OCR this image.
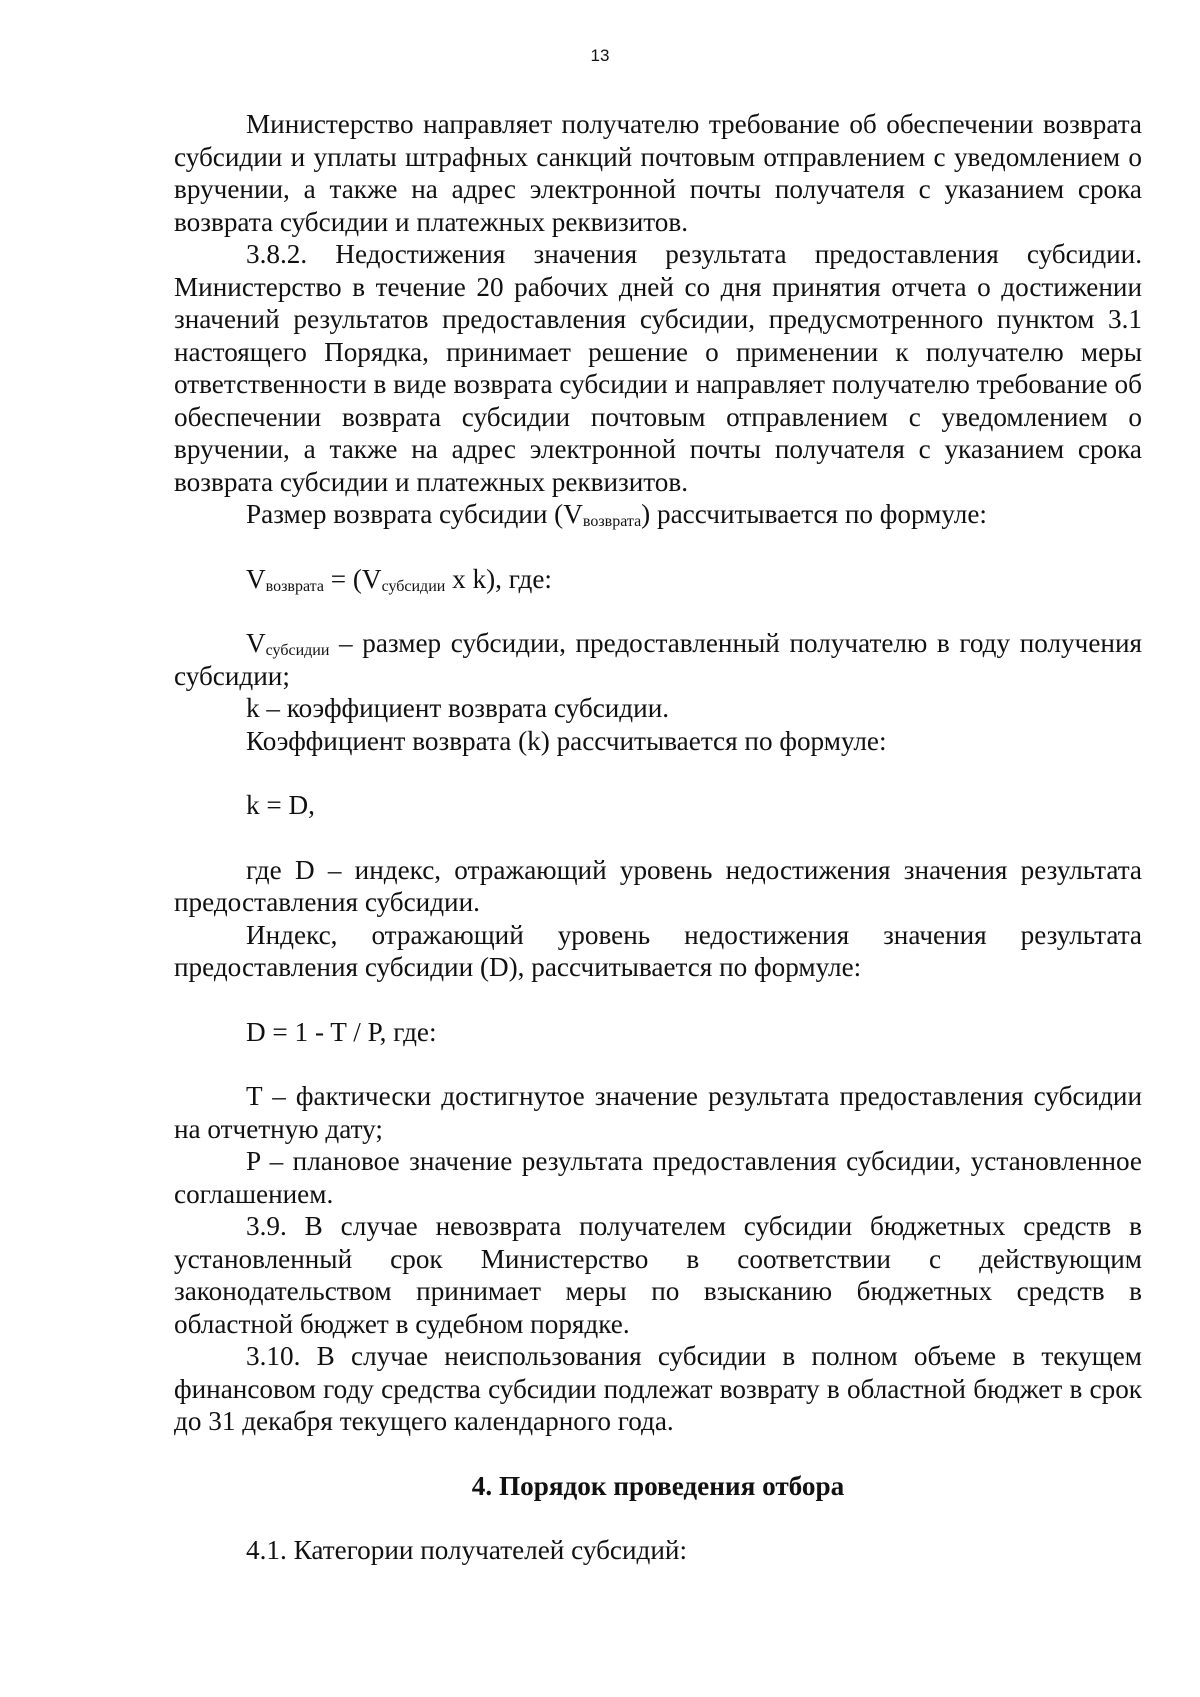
13

Министерство направляет получателю требование об обеспечении возврата субсидии и уплаты штрафных санкций почтовым отправлением с уведомлением о вручении, а также на адрес электронной почты получателя с указанием срока возврата субсидии и платежных реквизитов.

3.8.2. Недостижения значения результата предоставления субсидии. Министерство в течение 20 рабочих дней со дня принятия отчета о достижении значений результатов предоставления субсидии, предусмотренного пунктом 3.1 настоящего Порядка, принимает решение о применении к получателю меры ответственности в виде возврата субсидии и направляет получателю требование об обеспечении возврата субсидии почтовым отправлением с уведомлением о вручении, а также на адрес электронной почты получателя с указанием срока возврата субсидии и платежных реквизитов.

Размер возврата субсидии $(V_{возврата})$ рассчитывается по формуле:

$V_{возврата} = (V_{субсидии}$ x k), где:

$V_{субсидии}$ – размер субсидии, предоставленный получателю в году получения субсидии;

k – коэффициент возврата субсидии.

Коэффициент возврата (k) рассчитывается по формуле:

k = D,

где D – индекс, отражающий уровень недостижения значения результата предоставления субсидии.

Индекс, отражающий уровень недостижения значения результата предоставления субсидии (D), рассчитывается по формуле:

D = 1 - T / P, где:

T – фактически достигнутое значение результата предоставления субсидии на отчетную дату;

P – плановое значение результата предоставления субсидии, установленное соглашением.

3.9. В случае невозврата получателем субсидии бюджетных средств в установленный срок Министерство в соответствии с действующим законодательством принимает меры по взысканию бюджетных средств в областной бюджет в судебном порядке.

3.10. В случае неиспользования субсидии в полном объеме в текущем финансовом году средства субсидии подлежат возврату в областной бюджет в срок до 31 декабря текущего календарного года.

4. Порядок проведения отбора

4.1. Категории получателей субсидий:
